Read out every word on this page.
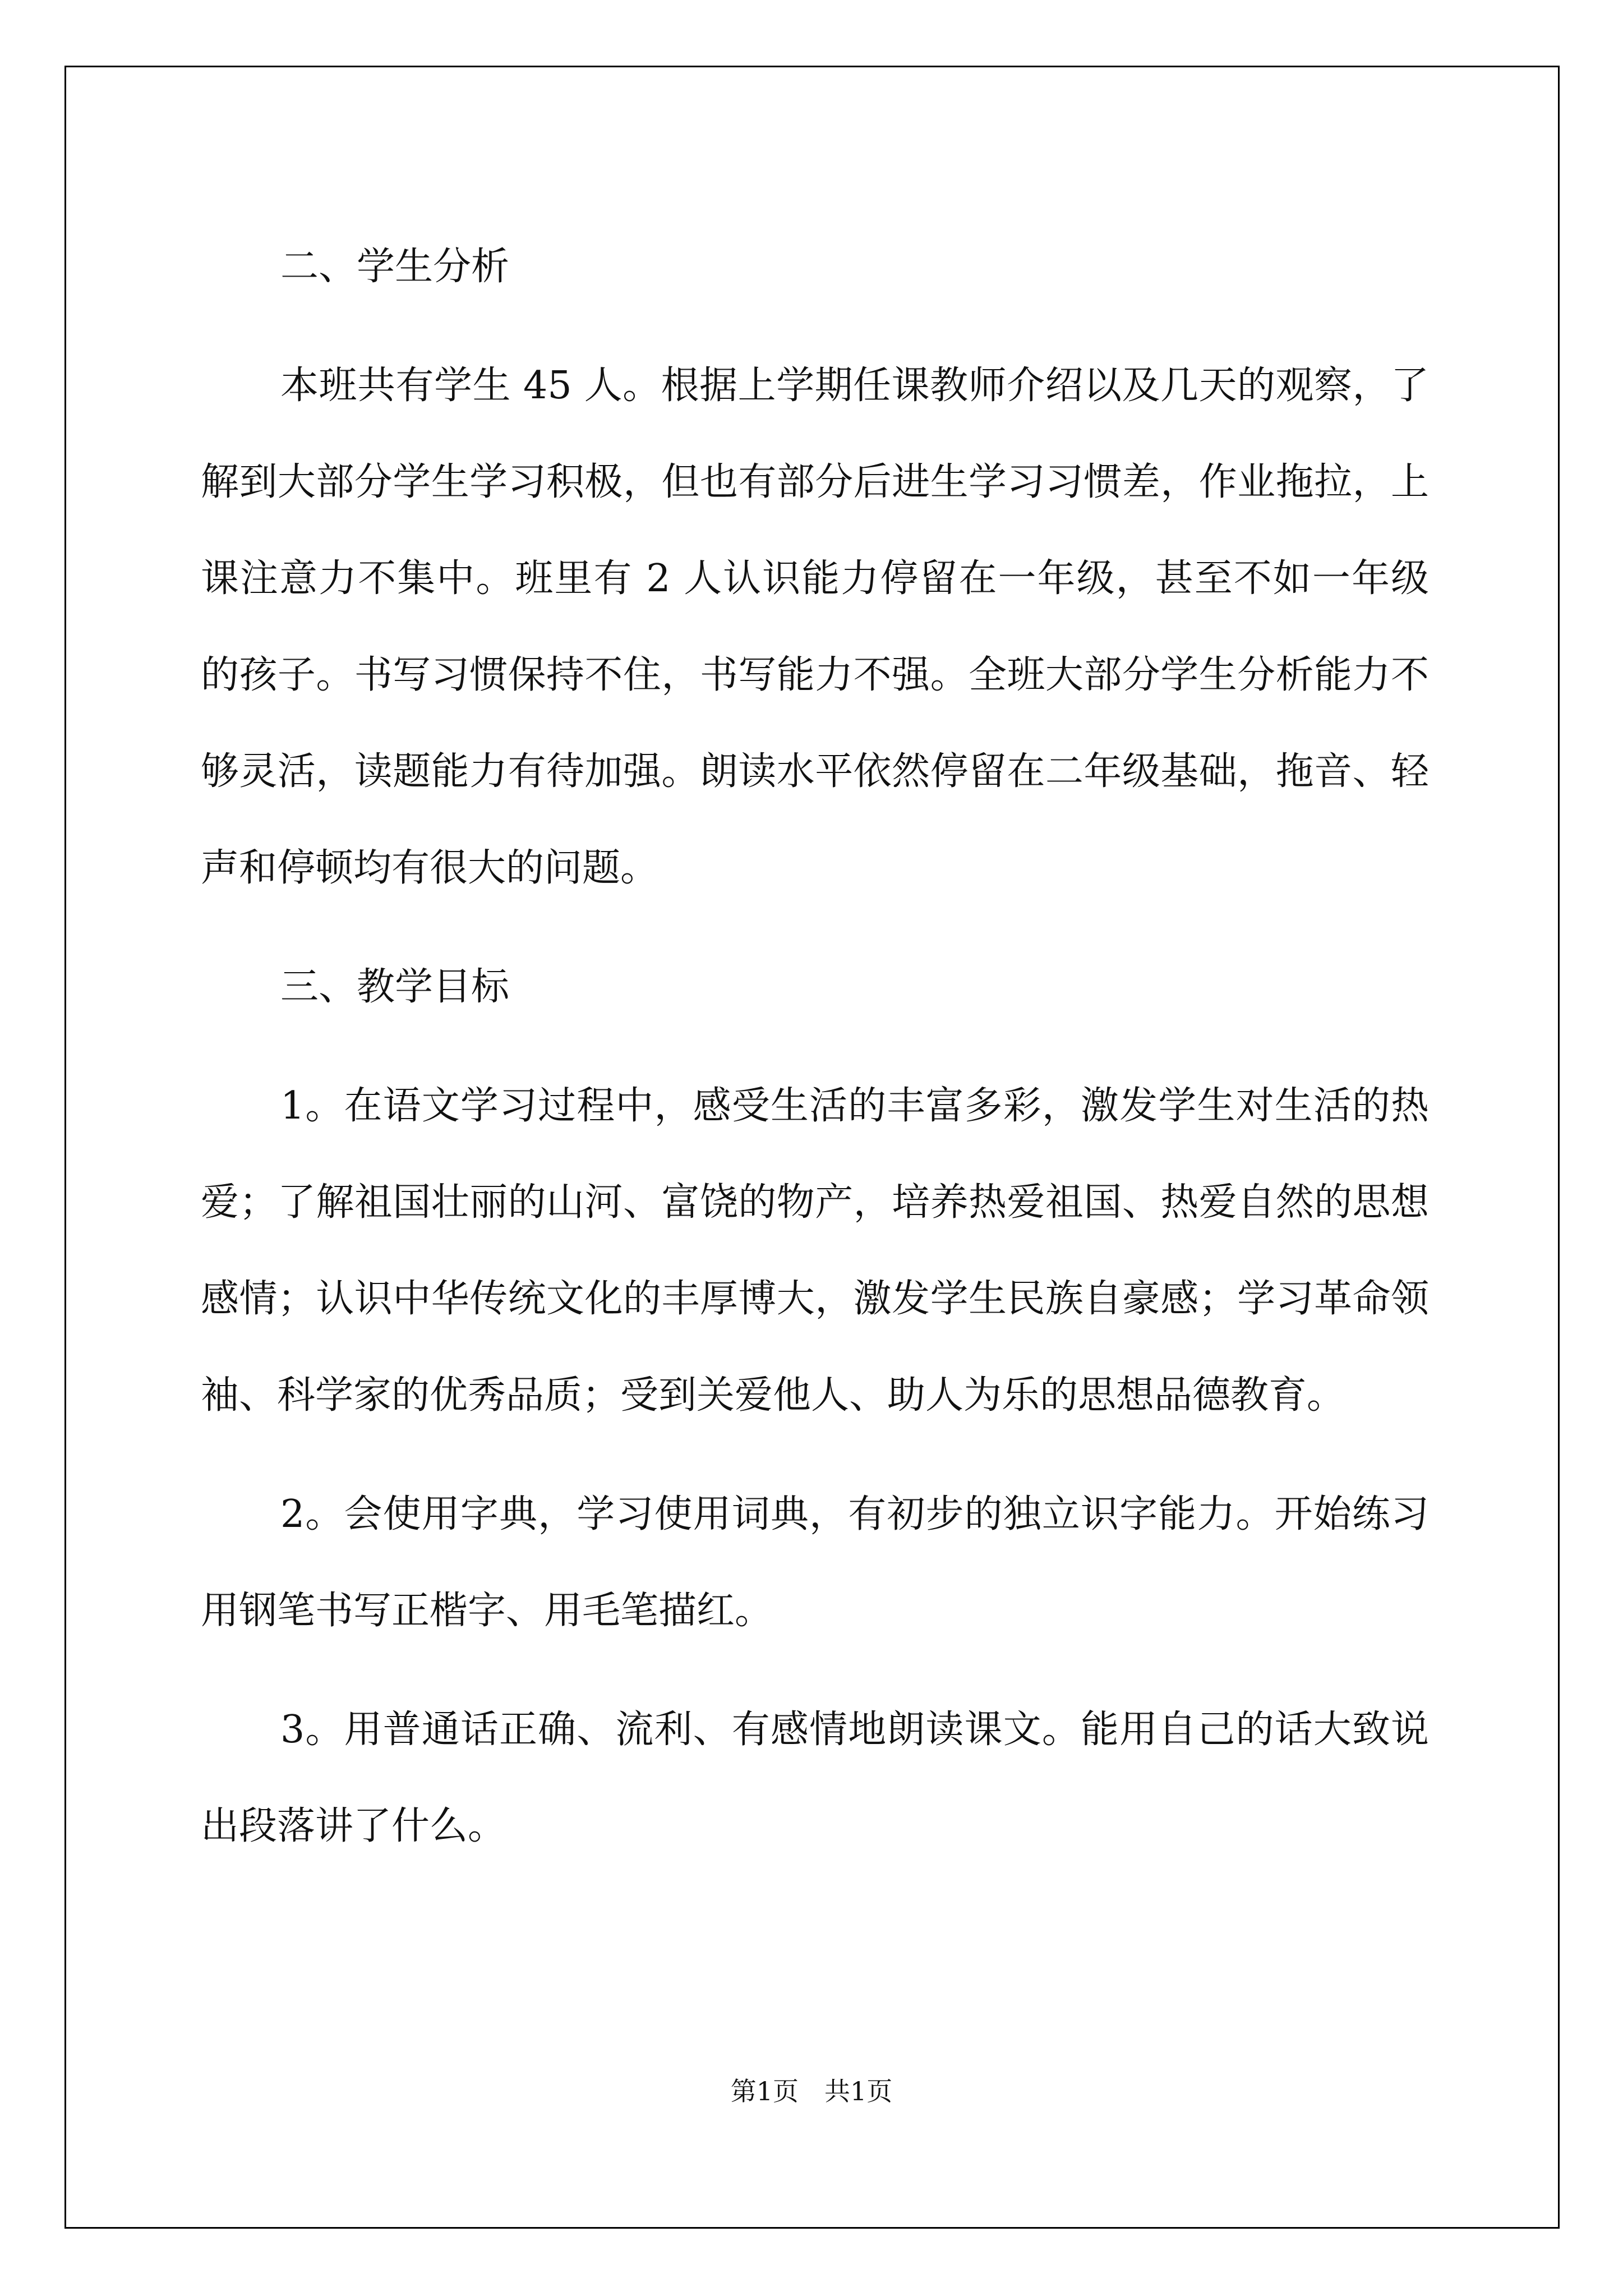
二、学生分析

本班共有学生 45 人。根据上学期任课教师介绍以及几天的观察，了解到大部分学生学习积极，但也有部分后进生学习习惯差，作业拖拉，上课注意力不集中。班里有 2 人认识能力停留在一年级，甚至不如一年级的孩子。书写习惯保持不住，书写能力不强。全班大部分学生分析能力不够灵活，读题能力有待加强。朗读水平依然停留在二年级基础，拖音、轻声和停顿均有很大的问题。

三、教学目标

1。在语文学习过程中，感受生活的丰富多彩，激发学生对生活的热爱；了解祖国壮丽的山河、富饶的物产，培养热爱祖国、热爱自然的思想感情；认识中华传统文化的丰厚博大，激发学生民族自豪感；学习革命领袖、科学家的优秀品质；受到关爱他人、助人为乐的思想品德教育。

2。会使用字典，学习使用词典，有初步的独立识字能力。开始练习用钢笔书写正楷字、用毛笔描红。

3。用普通话正确、流利、有感情地朗读课文。能用自己的话大致说出段落讲了什么。

第1页　共1页
